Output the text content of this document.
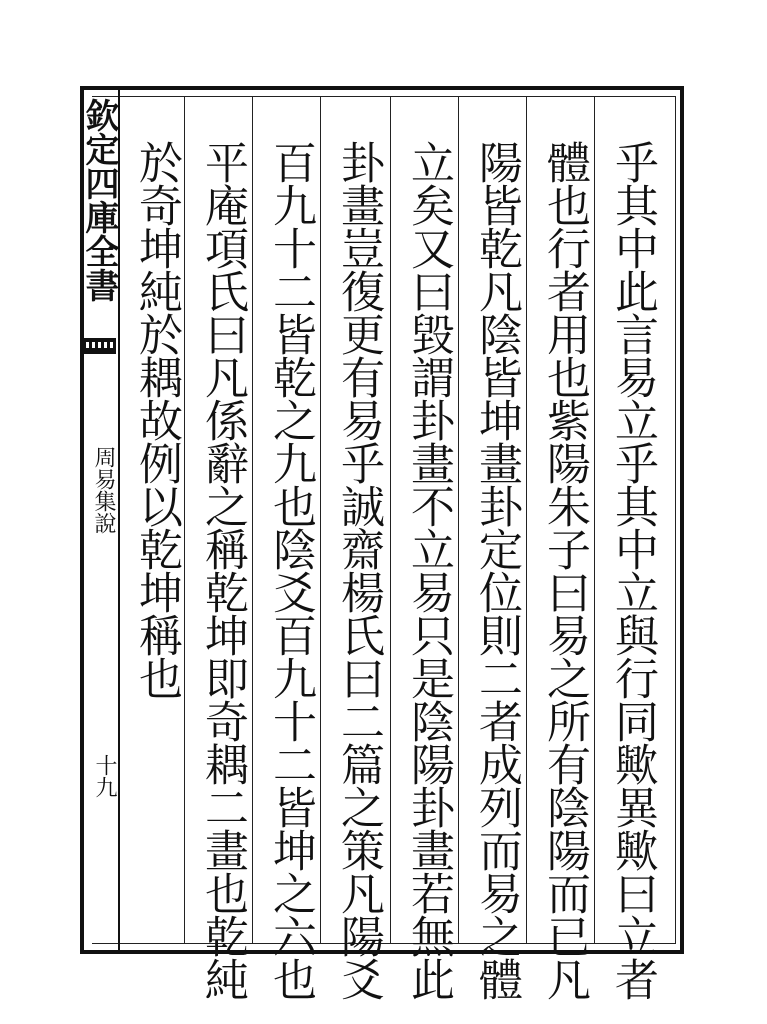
欽定四庫全書
周易集說
十九	乎其中此言易立乎其中立與行同歟異歟曰立者
體也行者用也紫陽朱子曰易之所有陰陽而已凡
陽皆乾凡陰皆坤畫卦定位則二者成列而易之體
立矣又曰毀謂卦畫不立易只是陰陽卦畫若無此
卦畫豈復更有易乎誠齋楊氏曰二篇之策凡陽爻
百九十二皆乾之九也陰爻百九十二皆坤之六也
平庵項氏曰凡係辭之稱乾坤即奇耦二畫也乾純
於奇坤純於耦故例以乾坤稱也
